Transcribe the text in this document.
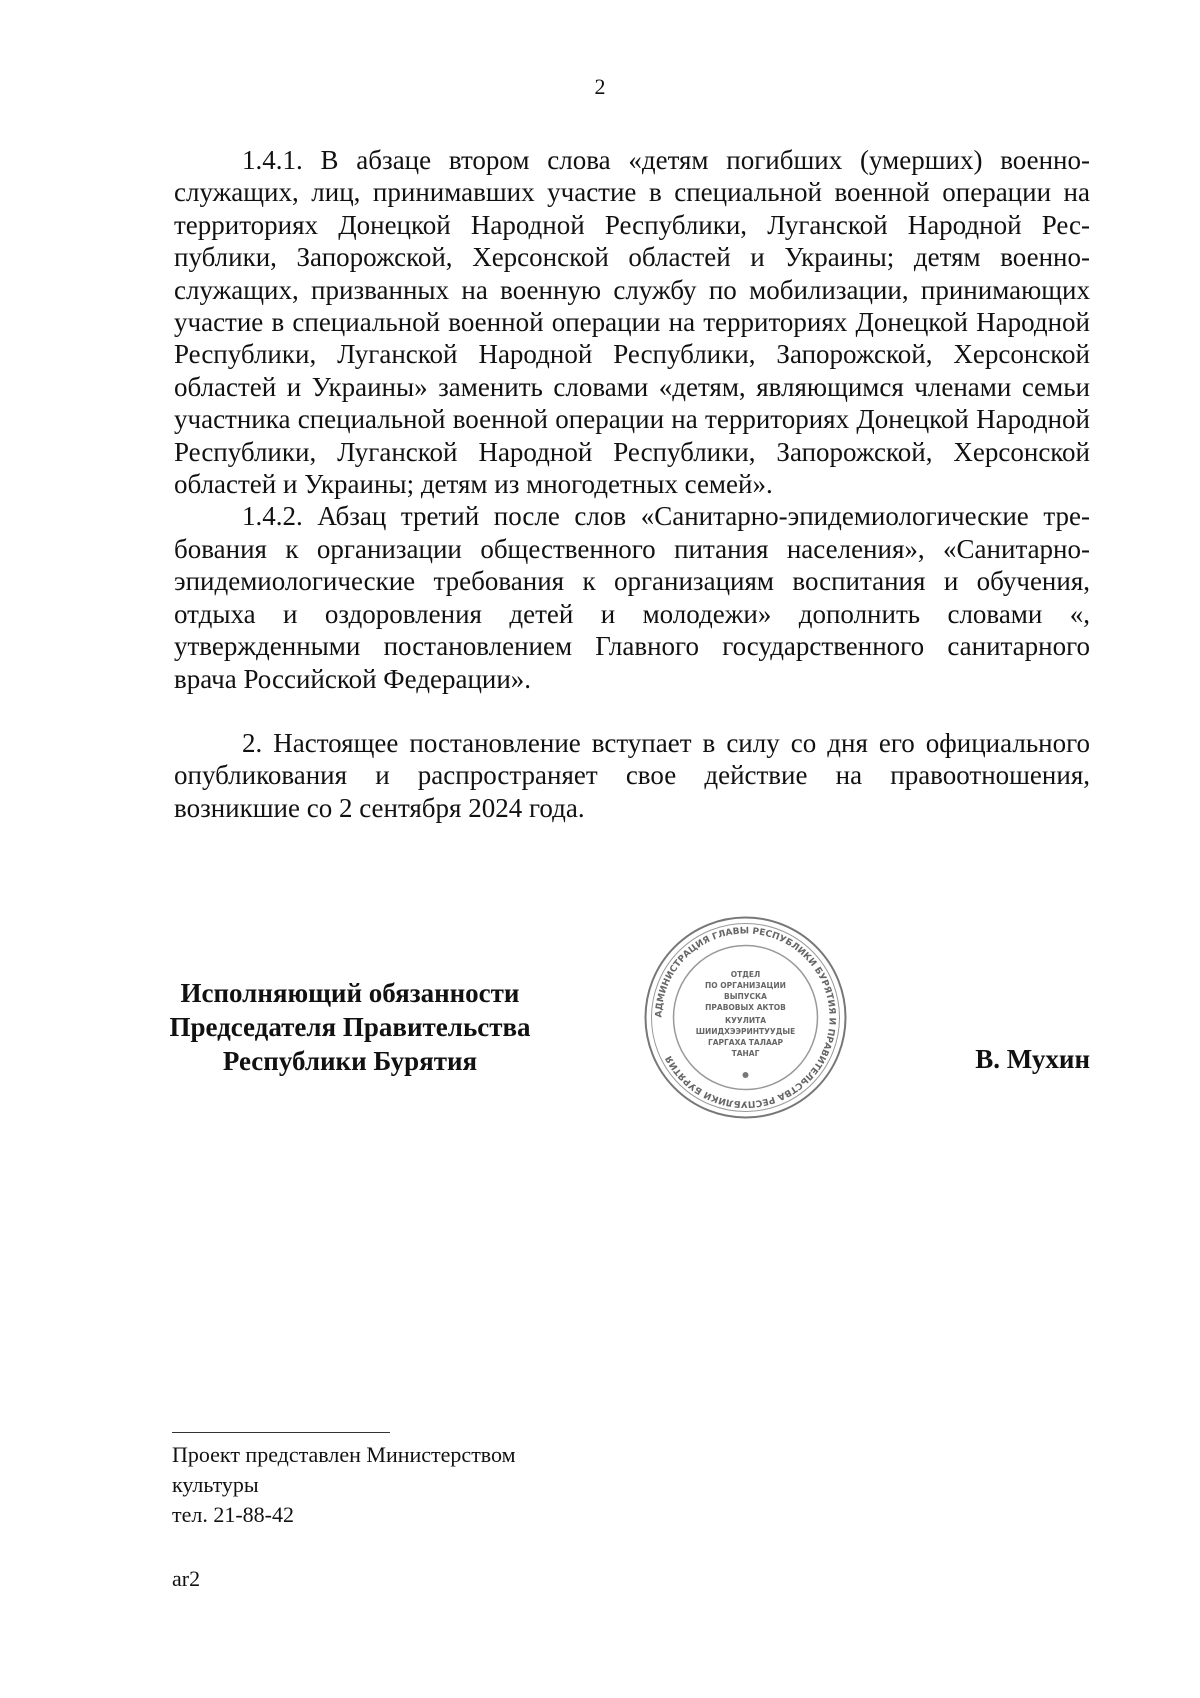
2

1.4.1. В абзаце втором слова «детям погибших (умерших) военнослужащих, лиц, принимавших участие в специальной военной операции на территориях Донецкой Народной Республики, Луганской Народной Республики, Запорожской, Херсонской областей и Украины; детям военнослужащих, призванных на военную службу по мобилизации, принимающих участие в специальной военной операции на территориях Донецкой Народной Республики, Луганской Народной Республики, Запорожской, Херсонской областей и Украины» заменить словами «детям, являющимся членами семьи участника специальной военной операции на территориях Донецкой Народной Республики, Луганской Народной Республики, Запорожской, Херсонской областей и Украины; детям из многодетных семей».

1.4.2. Абзац третий после слов «Санитарно-эпидемиологические требования к организации общественного питания населения», «Санитарно-эпидемиологические требования к организациям воспитания и обучения, отдыха и оздоровления детей и молодежи» дополнить словами «, утвержденными постановлением Главного государственного санитарного врача Российской Федерации».

2. Настоящее постановление вступает в силу со дня его официального опубликования и распространяет свое действие на правоотношения, возникшие со 2 сентября 2024 года.

Исполняющий обязанности
Председателя Правительства
Республики Бурятия
АДМИНИСТРАЦИЯ ГЛАВЫ РЕСПУБЛИКИ БУРЯТИЯ И ПРАВИТЕЛЬСТВА РЕСПУБЛИКИ БУРЯТИЯ
ОТДЕЛ
ПО ОРГАНИЗАЦИИ
ВЫПУСКА
ПРАВОВЫХ АКТОВ
КУУЛИТА
ШИИДХЭЭРИНТУУДЫЕ
ГАРГАХА ТАЛААР
ТАНАГ	В. Мухин
Проект представлен Министерством
культуры
тел. 21-88-42
ar2
